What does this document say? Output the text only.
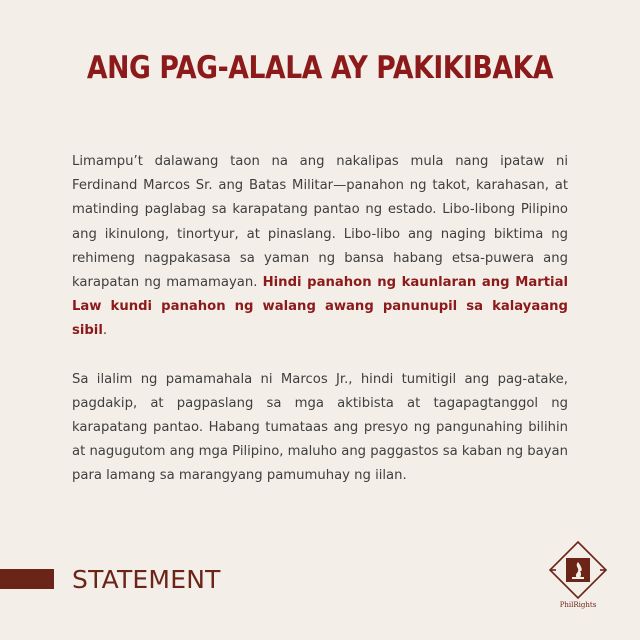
ANG PAG-ALALA AY PAKIKIBAKA

Limampu’t dalawang taon na ang nakalipas mula nang ipataw ni Ferdinand Marcos Sr. ang Batas Militar—panahon ng takot, karahasan, at matinding paglabag sa karapatang pantao ng estado. Libo-libong Pilipino ang ikinulong, tinortyur, at pinaslang. Libo-libo ang naging biktima ng rehimeng nagpakasasa sa yaman ng bansa habang etsa-puwera ang karapatan ng mamamayan. Hindi panahon ng kaunlaran ang Martial Law kundi panahon ng walang awang panunupil sa kalayaang sibil.

Sa ilalim ng pamamahala ni Marcos Jr., hindi tumitigil ang pag-atake, pagdakip, at pagpaslang sa mga aktibista at tagapagtanggol ng karapatang pantao. Habang tumataas ang presyo ng pangunahing bilihin at nagugutom ang mga Pilipino, maluho ang paggastos sa kaban ng bayan para lamang sa marangyang pamumuhay ng iilan.

STATEMENT
PhilRights
